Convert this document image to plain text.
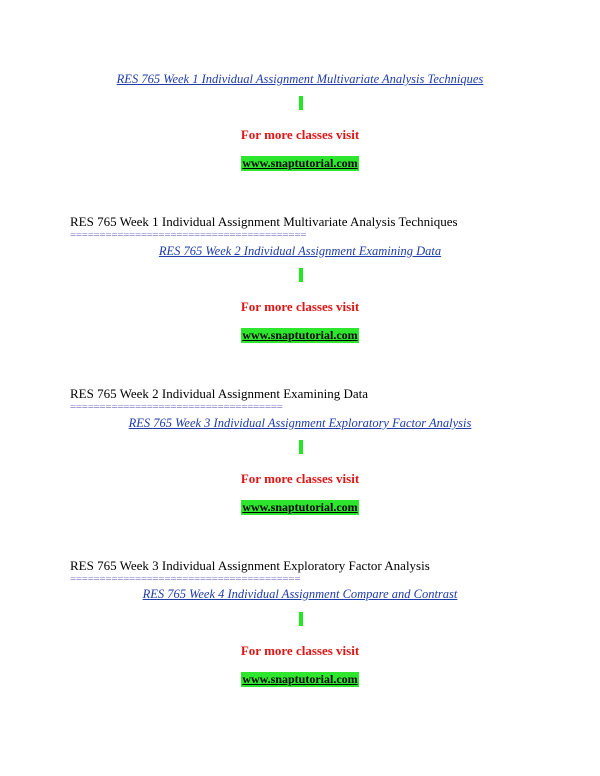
RES 765 Week 1 Individual Assignment Multivariate Analysis Techniques
For more classes visit
www.snaptutorial.com
RES 765 Week 1 Individual Assignment Multivariate Analysis Techniques
========================================
RES 765 Week 2 Individual Assignment Examining Data
For more classes visit
www.snaptutorial.com
RES 765 Week 2 Individual Assignment Examining Data
====================================
RES 765 Week 3 Individual Assignment Exploratory Factor Analysis
For more classes visit
www.snaptutorial.com
RES 765 Week 3 Individual Assignment Exploratory Factor Analysis
=======================================
RES 765 Week 4 Individual Assignment Compare and Contrast
For more classes visit
www.snaptutorial.com
